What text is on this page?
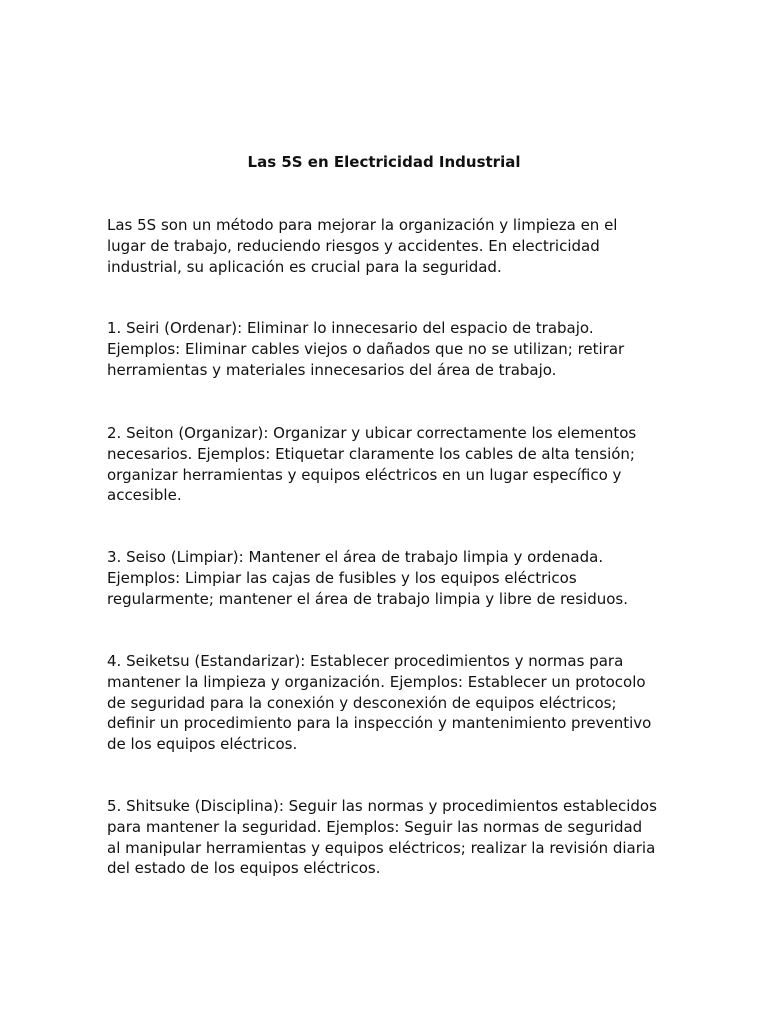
Las 5S en Electricidad Industrial

Las 5S son un método para mejorar la organización y limpieza en el
lugar de trabajo, reduciendo riesgos y accidentes. En electricidad
industrial, su aplicación es crucial para la seguridad.

1. Seiri (Ordenar): Eliminar lo innecesario del espacio de trabajo.
Ejemplos: Eliminar cables viejos o dañados que no se utilizan; retirar
herramientas y materiales innecesarios del área de trabajo.

2. Seiton (Organizar): Organizar y ubicar correctamente los elementos
necesarios. Ejemplos: Etiquetar claramente los cables de alta tensión;
organizar herramientas y equipos eléctricos en un lugar específico y
accesible.

3. Seiso (Limpiar): Mantener el área de trabajo limpia y ordenada.
Ejemplos: Limpiar las cajas de fusibles y los equipos eléctricos
regularmente; mantener el área de trabajo limpia y libre de residuos.

4. Seiketsu (Estandarizar): Establecer procedimientos y normas para
mantener la limpieza y organización. Ejemplos: Establecer un protocolo
de seguridad para la conexión y desconexión de equipos eléctricos;
definir un procedimiento para la inspección y mantenimiento preventivo
de los equipos eléctricos.

5. Shitsuke (Disciplina): Seguir las normas y procedimientos establecidos
para mantener la seguridad. Ejemplos: Seguir las normas de seguridad
al manipular herramientas y equipos eléctricos; realizar la revisión diaria
del estado de los equipos eléctricos.
